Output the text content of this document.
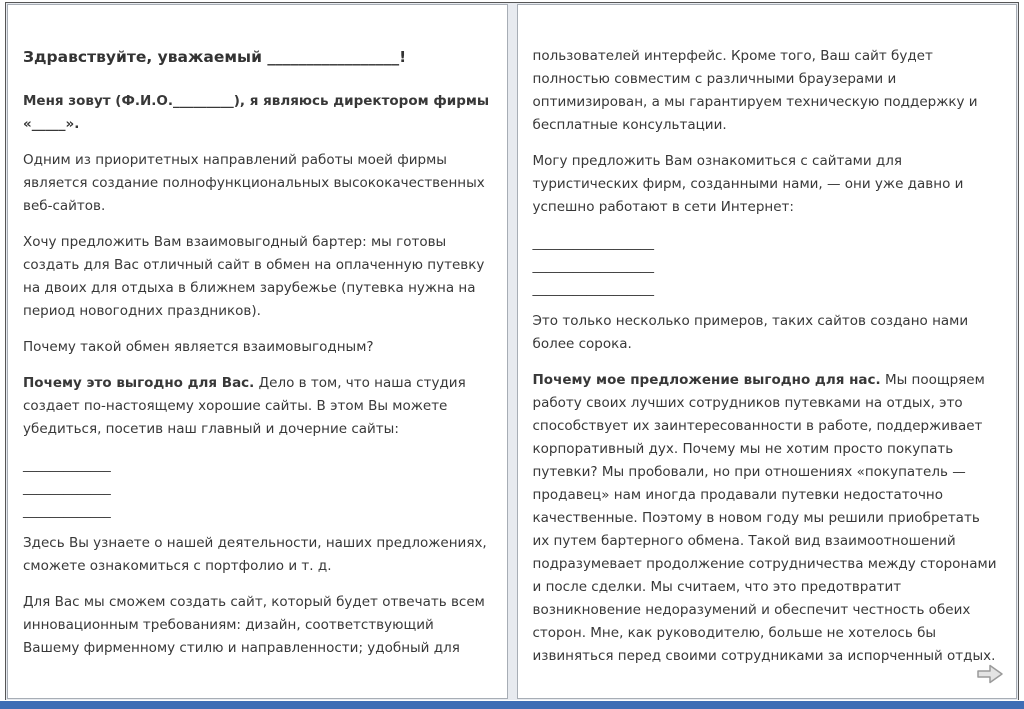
Здравствуйте, уважаемый _________________!

Меня зовут (Ф.И.О._________), я являюсь директором фирмы «_____».

Одним из приоритетных направлений работы моей фирмы является создание полнофункциональных высококачественных веб-сайтов.

Хочу предложить Вам взаимовыгодный бартер: мы готовы создать для Вас отличный сайт в обмен на оплаченную путевку на двоих для отдыха в ближнем зарубежье (путевка нужна на период новогодних праздников).

Почему такой обмен является взаимовыгодным?

Почему это выгодно для Вас. Дело в том, что наша студия создает по-настоящему хорошие сайты. В этом Вы можете убедиться, посетив наш главный и дочерние сайты:

_____________
_____________
_____________

Здесь Вы узнаете о нашей деятельности, наших предложениях, сможете ознакомиться с портфолио и т. д.

Для Вас мы сможем создать сайт, который будет отвечать всем инновационным требованиям: дизайн, соответствующий Вашему фирменному стилю и направленности; удобный для

пользователей интерфейс. Кроме того, Ваш сайт будет полностью совместим с различными браузерами и оптимизирован, а мы гарантируем техническую поддержку и бесплатные консультации.

Могу предложить Вам ознакомиться с сайтами для туристических фирм, созданными нами, — они уже давно и успешно работают в сети Интернет:

__________________
__________________
__________________

Это только несколько примеров, таких сайтов создано нами более сорока.

Почему мое предложение выгодно для нас. Мы поощряем работу своих лучших сотрудников путевками на отдых, это способствует их заинтересованности в работе, поддерживает корпоративный дух. Почему мы не хотим просто покупать путевки? Мы пробовали, но при отношениях «покупатель — продавец» нам иногда продавали путевки недостаточно качественные. Поэтому в новом году мы решили приобретать их путем бартерного обмена. Такой вид взаимоотношений подразумевает продолжение сотрудничества между сторонами и после сделки. Мы считаем, что это предотвратит возникновение недоразумений и обеспечит честность обеих сторон. Мне, как руководителю, больше не хотелось бы извиняться перед своими сотрудниками за испорченный отдых.
